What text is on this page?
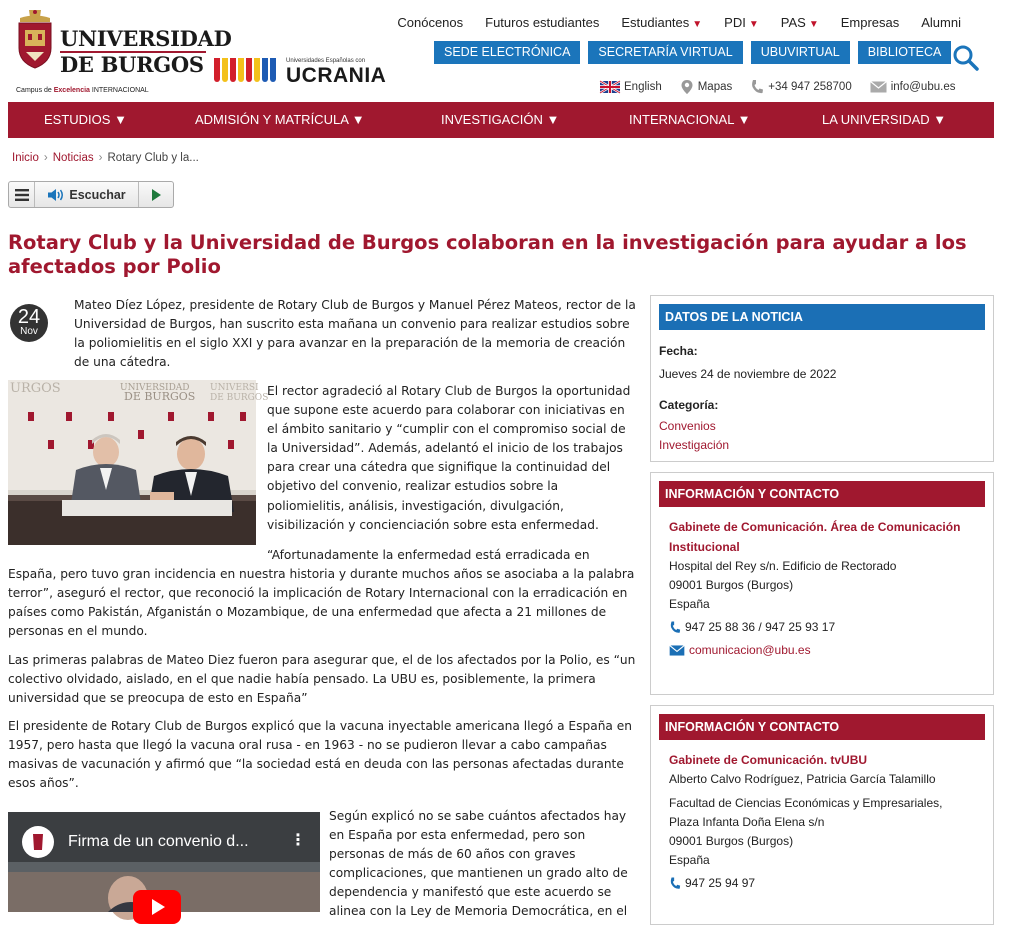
UNIVERSIDAD
DE BURGOS
Campus de Excelencia INTERNACIONAL
Universidades Españolas con
UCRANIA
Conócenos	Futuros estudiantes	Estudiantes ▼	PDI ▼	PAS ▼	Empresas	Alumni
SEDE ELECTRÓNICA	SECRETARÍA VIRTUAL	UBUVIRTUAL	BIBLIOTECA
English	Mapas	+34 947 258700	info@ubu.es
ESTUDIOS ▼	ADMISIÓN Y MATRÍCULA ▼	INVESTIGACIÓN ▼	INTERNACIONAL ▼	LA UNIVERSIDAD ▼
Inicio › Noticias › Rotary Club y la...
Escuchar
Rotary Club y la Universidad de Burgos colaboran en la investigación para ayudar a los afectados por Polio
24
Nov

Mateo Díez López, presidente de Rotary Club de Burgos y Manuel Pérez Mateos, rector de la Universidad de Burgos, han suscrito esta mañana un convenio para realizar estudios sobre la poliomielitis en el siglo XXI y para avanzar en la preparación de la memoria de creación de una cátedra.

URGOS	UNIVERSIDAD
DE BURGOS
UNIVERSI
DE BURGOS

El rector agradeció al Rotary Club de Burgos la oportunidad que supone este acuerdo para colaborar con iniciativas en el ámbito sanitario y “cumplir con el compromiso social de la Universidad”. Además, adelantó el inicio de los trabajos para crear una cátedra que signifique la continuidad del objetivo del convenio, realizar estudios sobre la poliomielitis, análisis, investigación, divulgación, visibilización y concienciación sobre esta enfermedad.

“Afortunadamente la enfermedad está erradicada en España, pero tuvo gran incidencia en nuestra historia y durante muchos años se asociaba a la palabra terror”, aseguró el rector, que reconoció la implicación de Rotary Internacional con la erradicación en países como Pakistán, Afganistán o Mozambique, de una enfermedad que afecta a 21 millones de personas en el mundo.

Las primeras palabras de Mateo Diez fueron para asegurar que, el de los afectados por la Polio, es “un colectivo olvidado, aislado, en el que nadie había pensado. La UBU es, posiblemente, la primera universidad que se preocupa de esto en España”

El presidente de Rotary Club de Burgos explicó que la vacuna inyectable americana llegó a España en 1957, pero hasta que llegó la vacuna oral rusa - en 1963 - no se pudieron llevar a cabo campañas masivas de vacunación y afirmó que “la sociedad está en deuda con las personas afectadas durante esos años”.

Firma de un convenio d...	⋮

Según explicó no se sabe cuántos afectados hay en España por esta enfermedad, pero son personas de más de 60 años con graves complicaciones, que mantienen un grado alto de dependencia y manifestó que este acuerdo se alinea con la Ley de Memoria Democrática, en el

DATOS DE LA NOTICIA
Fecha:
Jueves 24 de noviembre de 2022
Categoría:
Convenios
Investigación
INFORMACIÓN Y CONTACTO
Gabinete de Comunicación. Área de Comunicación Institucional
Hospital del Rey s/n. Edificio de Rectorado
09001 Burgos (Burgos)
España
947 25 88 36 / 947 25 93 17
comunicacion@ubu.es
INFORMACIÓN Y CONTACTO
Gabinete de Comunicación. tvUBU
Alberto Calvo Rodríguez, Patricia García Talamillo
Facultad de Ciencias Económicas y Empresariales,
Plaza Infanta Doña Elena s/n
09001 Burgos (Burgos)
España
947 25 94 97
